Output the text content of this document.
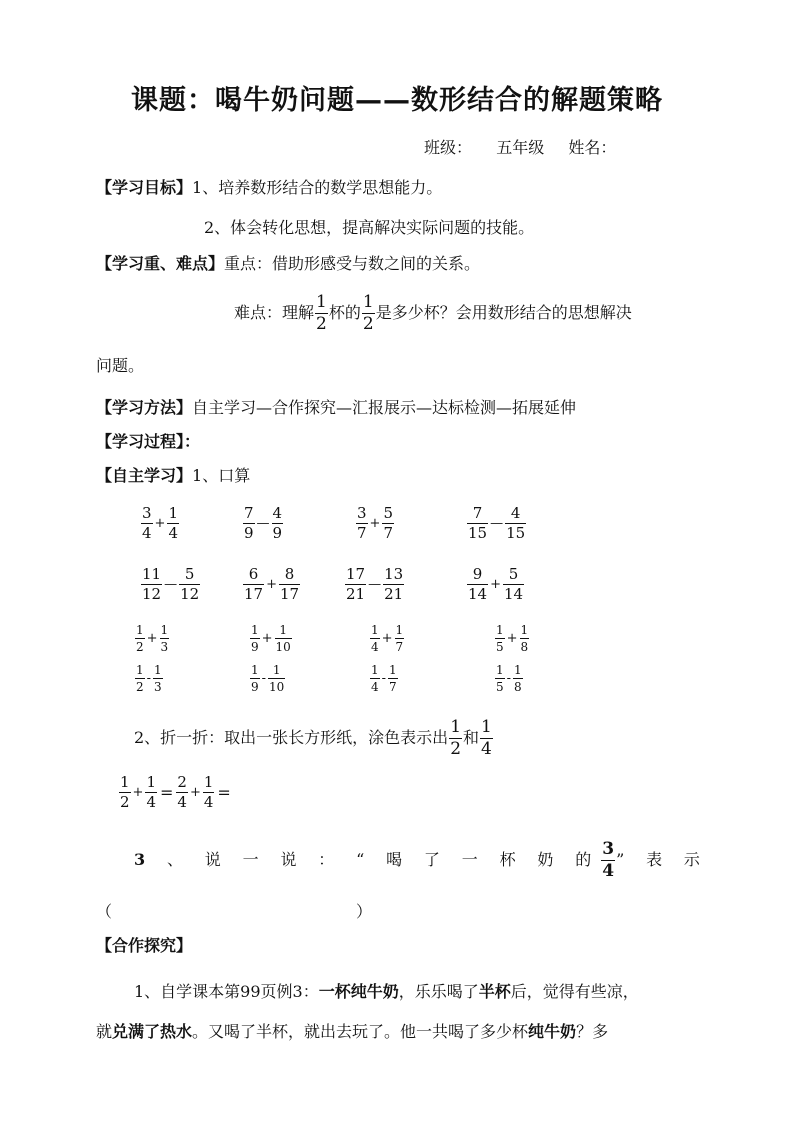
课题：喝牛奶问题——数形结合的解题策略
班级： 五年级 姓名：
【学习目标】1、培养数形结合的数学思想能力。
2、体会转化思想，提高解决实际问题的技能。
【学习重、难点】重点：借助形感受与数之间的关系。
难点：理解 $\frac{1}{2}$ 杯的 $\frac{1}{2}$ 是多少杯？会用数形结合的思想解决
问题。
【学习方法】自主学习—合作探究—汇报展示—达标检测—拓展延伸
【学习过程】：
【自主学习】1、口算
$\frac{3}{4} + \frac{1}{4}$	$\frac{7}{9}$ — $\frac{4}{9}$	$\frac{3}{7} + \frac{5}{7}$	$\frac{7}{15}$ — $\frac{4}{15}$
$\frac{11}{12}$ — $\frac{5}{12}$	$\frac{6}{17} + \frac{8}{17}$	$\frac{17}{21}$ — $\frac{13}{21}$	$\frac{9}{14} + \frac{5}{14}$
$\frac{1}{2} + \frac{1}{3}$	$\frac{1}{9} + \frac{1}{10}$	$\frac{1}{4} + \frac{1}{7}$	$\frac{1}{5} + \frac{1}{8}$
$\frac{1}{2} - \frac{1}{3}$	$\frac{1}{9} - \frac{1}{10}$	$\frac{1}{4} - \frac{1}{7}$	$\frac{1}{5} - \frac{1}{8}$
2、折一折：取出一张长方形纸，涂色表示出 $\frac{1}{2}$ 和 $\frac{1}{4}$
$\frac{1}{2} + \frac{1}{4} = \frac{2}{4} + \frac{1}{4}$ =
3 、 说 一 说 ： “ 喝 了 一 杯 奶 的
3
4
” 表 示
（	）
【合作探究】
1、自学课本第99页例3：一杯纯牛奶，乐乐喝了半杯后，觉得有些凉，
就兑满了热水。又喝了半杯，就出去玩了。他一共喝了多少杯纯牛奶？多
